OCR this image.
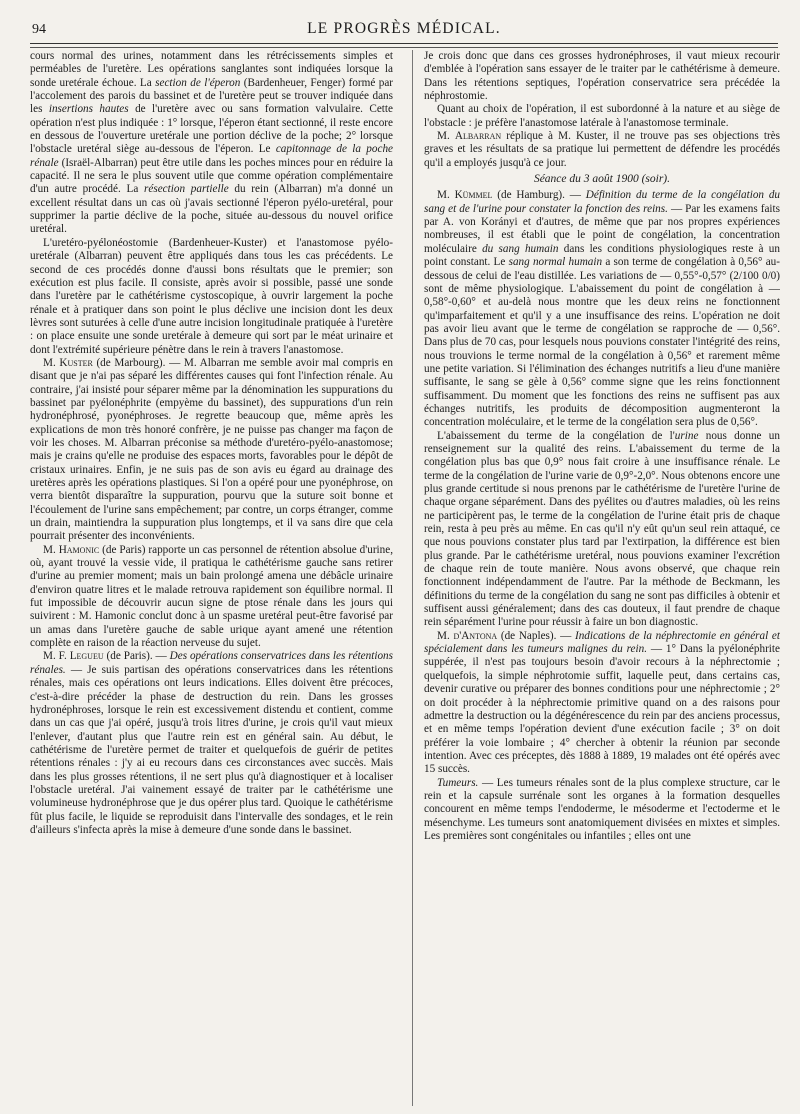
94	LE PROGRÈS MÉDICAL.

cours normal des urines, notamment dans les rétrécissements simples et perméables de l'uretère. Les opérations sanglantes sont indiquées lorsque la sonde uretérale échoue. La section de l'éperon (Bardenheuer, Fenger) formé par l'accolement des parois du bassinet et de l'uretère peut se trouver indiquée dans les insertions hautes de l'uretère avec ou sans formation valvulaire. Cette opération n'est plus indiquée : 1° lorsque, l'éperon étant sectionné, il reste encore en dessous de l'ouverture uretérale une portion déclive de la poche; 2° lorsque l'obstacle uretéral siège au-dessous de l'éperon. Le capitonnage de la poche rénale (Israël-Albarran) peut être utile dans les poches minces pour en réduire la capacité. Il ne sera le plus souvent utile que comme opération complémentaire d'un autre procédé. La résection partielle du rein (Albarran) m'a donné un excellent résultat dans un cas où j'avais sectionné l'éperon pyélo-uretéral, pour supprimer la partie déclive de la poche, située au-dessous du nouvel orifice uretéral.

L'uretéro-pyélonéostomie (Bardenheuer-Kuster) et l'anastomose pyélo-uretérale (Albarran) peuvent être appliqués dans tous les cas précédents. Le second de ces procédés donne d'aussi bons résultats que le premier; son exécution est plus facile. Il consiste, après avoir si possible, passé une sonde dans l'uretère par le cathétérisme cystoscopique, à ouvrir largement la poche rénale et à pratiquer dans son point le plus déclive une incision dont les deux lèvres sont suturées à celle d'une autre incision longitudinale pratiquée à l'uretère : on place ensuite une sonde uretérale à demeure qui sort par le méat urinaire et dont l'extrémité supérieure pénètre dans le rein à travers l'anastomose.

M. Kuster (de Marbourg). — M. Albarran me semble avoir mal compris en disant que je n'ai pas séparé les différentes causes qui font l'infection rénale. Au contraire, j'ai insisté pour séparer même par la dénomination les suppurations du bassinet par pyélonéphrite (empyème du bassinet), des suppurations d'un rein hydronéphrosé, pyonéphroses. Je regrette beaucoup que, même après les explications de mon très honoré confrère, je ne puisse pas changer ma façon de voir les choses. M. Albarran préconise sa méthode d'uretéro-pyélo-anastomose; mais je crains qu'elle ne produise des espaces morts, favorables pour le dépôt de cristaux urinaires. Enfin, je ne suis pas de son avis eu égard au drainage des uretères après les opérations plastiques. Si l'on a opéré pour une pyonéphrose, on verra bientôt disparaître la suppuration, pourvu que la suture soit bonne et l'écoulement de l'urine sans empêchement; par contre, un corps étranger, comme un drain, maintiendra la suppuration plus longtemps, et il va sans dire que cela pourrait présenter des inconvénients.

M. Hamonic (de Paris) rapporte un cas personnel de rétention absolue d'urine, où, ayant trouvé la vessie vide, il pratiqua le cathétérisme gauche sans retirer d'urine au premier moment; mais un bain prolongé amena une débâcle urinaire d'environ quatre litres et le malade retrouva rapidement son équilibre normal. Il fut impossible de découvrir aucun signe de ptose rénale dans les jours qui suivirent : M. Hamonic conclut donc à un spasme uretéral peut-être favorisé par un amas dans l'uretère gauche de sable urique ayant amené une rétention complète en raison de la réaction nerveuse du sujet.

M. F. Legueu (de Paris). — Des opérations conservatrices dans les rétentions rénales. — Je suis partisan des opérations conservatrices dans les rétentions rénales, mais ces opérations ont leurs indications. Elles doivent être précoces, c'est-à-dire précéder la phase de destruction du rein. Dans les grosses hydronéphroses, lorsque le rein est excessivement distendu et contient, comme dans un cas que j'ai opéré, jusqu'à trois litres d'urine, je crois qu'il vaut mieux l'enlever, d'autant plus que l'autre rein est en général sain. Au début, le cathétérisme de l'uretère permet de traiter et quelquefois de guérir de petites rétentions rénales : j'y ai eu recours dans ces circonstances avec succès. Mais dans les plus grosses rétentions, il ne sert plus qu'à diagnostiquer et à localiser l'obstacle uretéral. J'ai vainement essayé de traiter par le cathétérisme une volumineuse hydronéphrose que je dus opérer plus tard. Quoique le cathétérisme fût plus facile, le liquide se reproduisit dans l'intervalle des sondages, et le rein d'ailleurs s'infecta après la mise à demeure d'une sonde dans le bassinet.

Je crois donc que dans ces grosses hydronéphroses, il vaut mieux recourir d'emblée à l'opération sans essayer de le traiter par le cathétérisme à demeure. Dans les rétentions septiques, l'opération conservatrice sera précédée la néphrostomie.

Quant au choix de l'opération, il est subordonné à la nature et au siège de l'obstacle : je préfère l'anastomose latérale à l'anastomose terminale.

M. Albarran réplique à M. Kuster, il ne trouve pas ses objections très graves et les résultats de sa pratique lui permettent de défendre les procédés qu'il a employés jusqu'à ce jour.

Séance du 3 août 1900 (soir).

M. Kümmel (de Hamburg). — Définition du terme de la congélation du sang et de l'urine pour constater la fonction des reins. — Par les examens faits par A. von Korányi et d'autres, de même que par nos propres expériences nombreuses, il est établi que le point de congélation, la concentration moléculaire du sang humain dans les conditions physiologiques reste à un point constant. Le sang normal humain a son terme de congélation à 0,56° au-dessous de celui de l'eau distillée. Les variations de — 0,55°-0,57° (2/100 0/0) sont de même physiologique. L'abaissement du point de congélation à — 0,58°-0,60° et au-delà nous montre que les deux reins ne fonctionnent qu'imparfaitement et qu'il y a une insuffisance des reins. L'opération ne doit pas avoir lieu avant que le terme de congélation se rapproche de — 0,56°. Dans plus de 70 cas, pour lesquels nous pouvions constater l'intégrité des reins, nous trouvions le terme normal de la congélation à 0,56° et rarement même une petite variation. Si l'élimination des échanges nutritifs a lieu d'une manière suffisante, le sang se gèle à 0,56° comme signe que les reins fonctionnent suffisamment. Du moment que les fonctions des reins ne suffisent pas aux échanges nutritifs, les produits de décomposition augmenteront la concentration moléculaire, et le terme de la congélation sera plus de 0,56°.

L'abaissement du terme de la congélation de l'urine nous donne un renseignement sur la qualité des reins. L'abaissement du terme de la congélation plus bas que 0,9° nous fait croire à une insuffisance rénale. Le terme de la congélation de l'urine varie de 0,9°-2,0°. Nous obtenons encore une plus grande certitude si nous prenons par le cathétérisme de l'uretère l'urine de chaque organe séparément. Dans des pyélites ou d'autres maladies, où les reins ne participèrent pas, le terme de la congélation de l'urine était pris de chaque rein, resta à peu près au même. En cas qu'il n'y eût qu'un seul rein attaqué, ce que nous pouvions constater plus tard par l'extirpation, la différence est bien plus grande. Par le cathétérisme uretéral, nous pouvions examiner l'excrétion de chaque rein de toute manière. Nous avons observé, que chaque rein fonctionnent indépendamment de l'autre. Par la méthode de Beckmann, les définitions du terme de la congélation du sang ne sont pas difficiles à obtenir et suffisent aussi généralement; dans des cas douteux, il faut prendre de chaque rein séparément l'urine pour réussir à faire un bon diagnostic.

M. d'Antona (de Naples). — Indications de la néphrectomie en général et spécialement dans les tumeurs malignes du rein. — 1° Dans la pyélonéphrite suppérée, il n'est pas toujours besoin d'avoir recours à la néphrectomie ; quelquefois, la simple néphrotomie suffit, laquelle peut, dans certains cas, devenir curative ou préparer des bonnes conditions pour une néphrectomie ; 2° on doit procéder à la néphrectomie primitive quand on a des raisons pour admettre la destruction ou la dégénérescence du rein par des anciens processus, et en même temps l'opération devient d'une exécution facile ; 3° on doit préférer la voie lombaire ; 4° chercher à obtenir la réunion par seconde intention. Avec ces préceptes, dès 1888 à 1889, 19 malades ont été opérés avec 15 succès.

Tumeurs. — Les tumeurs rénales sont de la plus complexe structure, car le rein et la capsule surrénale sont les organes à la formation desquelles concourent en même temps l'endoderme, le mésoderme et l'ectoderme et le mésenchyme. Les tumeurs sont anatomiquement divisées en mixtes et simples. Les premières sont congénitales ou infantiles ; elles ont une
